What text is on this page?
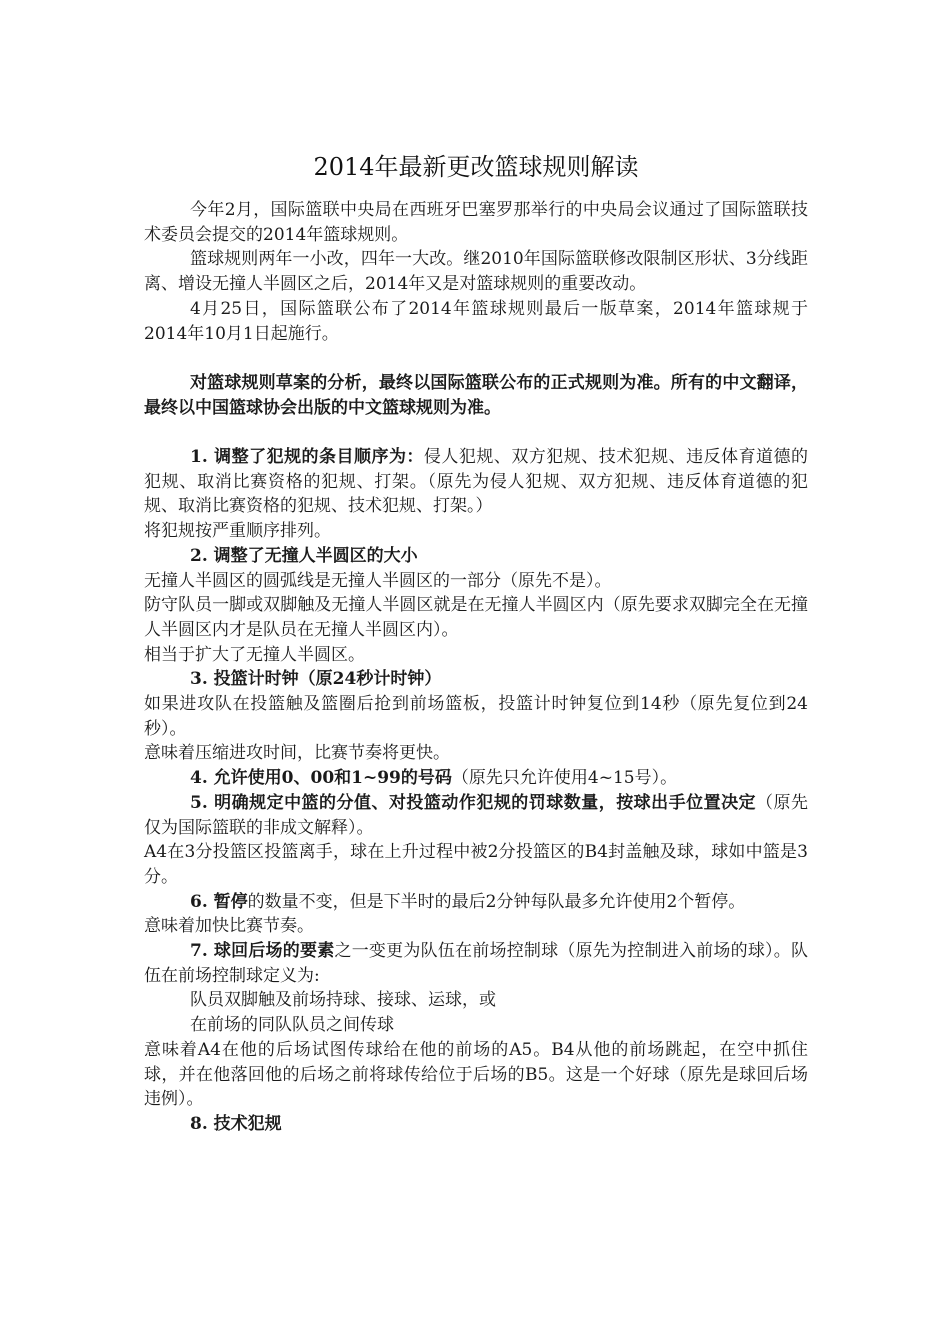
2014年最新更改篮球规则解读

今年2月，国际篮联中央局在西班牙巴塞罗那举行的中央局会议通过了国际篮联技术委员会提交的2014年篮球规则。

篮球规则两年一小改，四年一大改。继2010年国际篮联修改限制区形状、3分线距离、增设无撞人半圆区之后，2014年又是对篮球规则的重要改动。

4月25日，国际篮联公布了2014年篮球规则最后一版草案，2014年篮球规于2014年10月1日起施行。

对篮球规则草案的分析，最终以国际篮联公布的正式规则为准。所有的中文翻译，最终以中国篮球协会出版的中文篮球规则为准。

1. 调整了犯规的条目顺序为：侵人犯规、双方犯规、技术犯规、违反体育道德的犯规、取消比赛资格的犯规、打架。（原先为侵人犯规、双方犯规、违反体育道德的犯规、取消比赛资格的犯规、技术犯规、打架。）

将犯规按严重顺序排列。

2. 调整了无撞人半圆区的大小

无撞人半圆区的圆弧线是无撞人半圆区的一部分（原先不是）。

防守队员一脚或双脚触及无撞人半圆区就是在无撞人半圆区内（原先要求双脚完全在无撞人半圆区内才是队员在无撞人半圆区内）。

相当于扩大了无撞人半圆区。

3. 投篮计时钟（原24秒计时钟）

如果进攻队在投篮触及篮圈后抢到前场篮板，投篮计时钟复位到14秒（原先复位到24秒）。

意味着压缩进攻时间，比赛节奏将更快。

4. 允许使用0、00和1~99的号码（原先只允许使用4~15号）。

5. 明确规定中篮的分值、对投篮动作犯规的罚球数量，按球出手位置决定（原先仅为国际篮联的非成文解释）。

A4在3分投篮区投篮离手，球在上升过程中被2分投篮区的B4封盖触及球，球如中篮是3分。

6. 暂停的数量不变，但是下半时的最后2分钟每队最多允许使用2个暂停。

意味着加快比赛节奏。

7. 球回后场的要素之一变更为队伍在前场控制球（原先为控制进入前场的球）。队伍在前场控制球定义为:

队员双脚触及前场持球、接球、运球，或

在前场的同队队员之间传球

意味着A4在他的后场试图传球给在他的前场的A5。B4从他的前场跳起，在空中抓住球，并在他落回他的后场之前将球传给位于后场的B5。这是一个好球（原先是球回后场违例）。

8. 技术犯规
